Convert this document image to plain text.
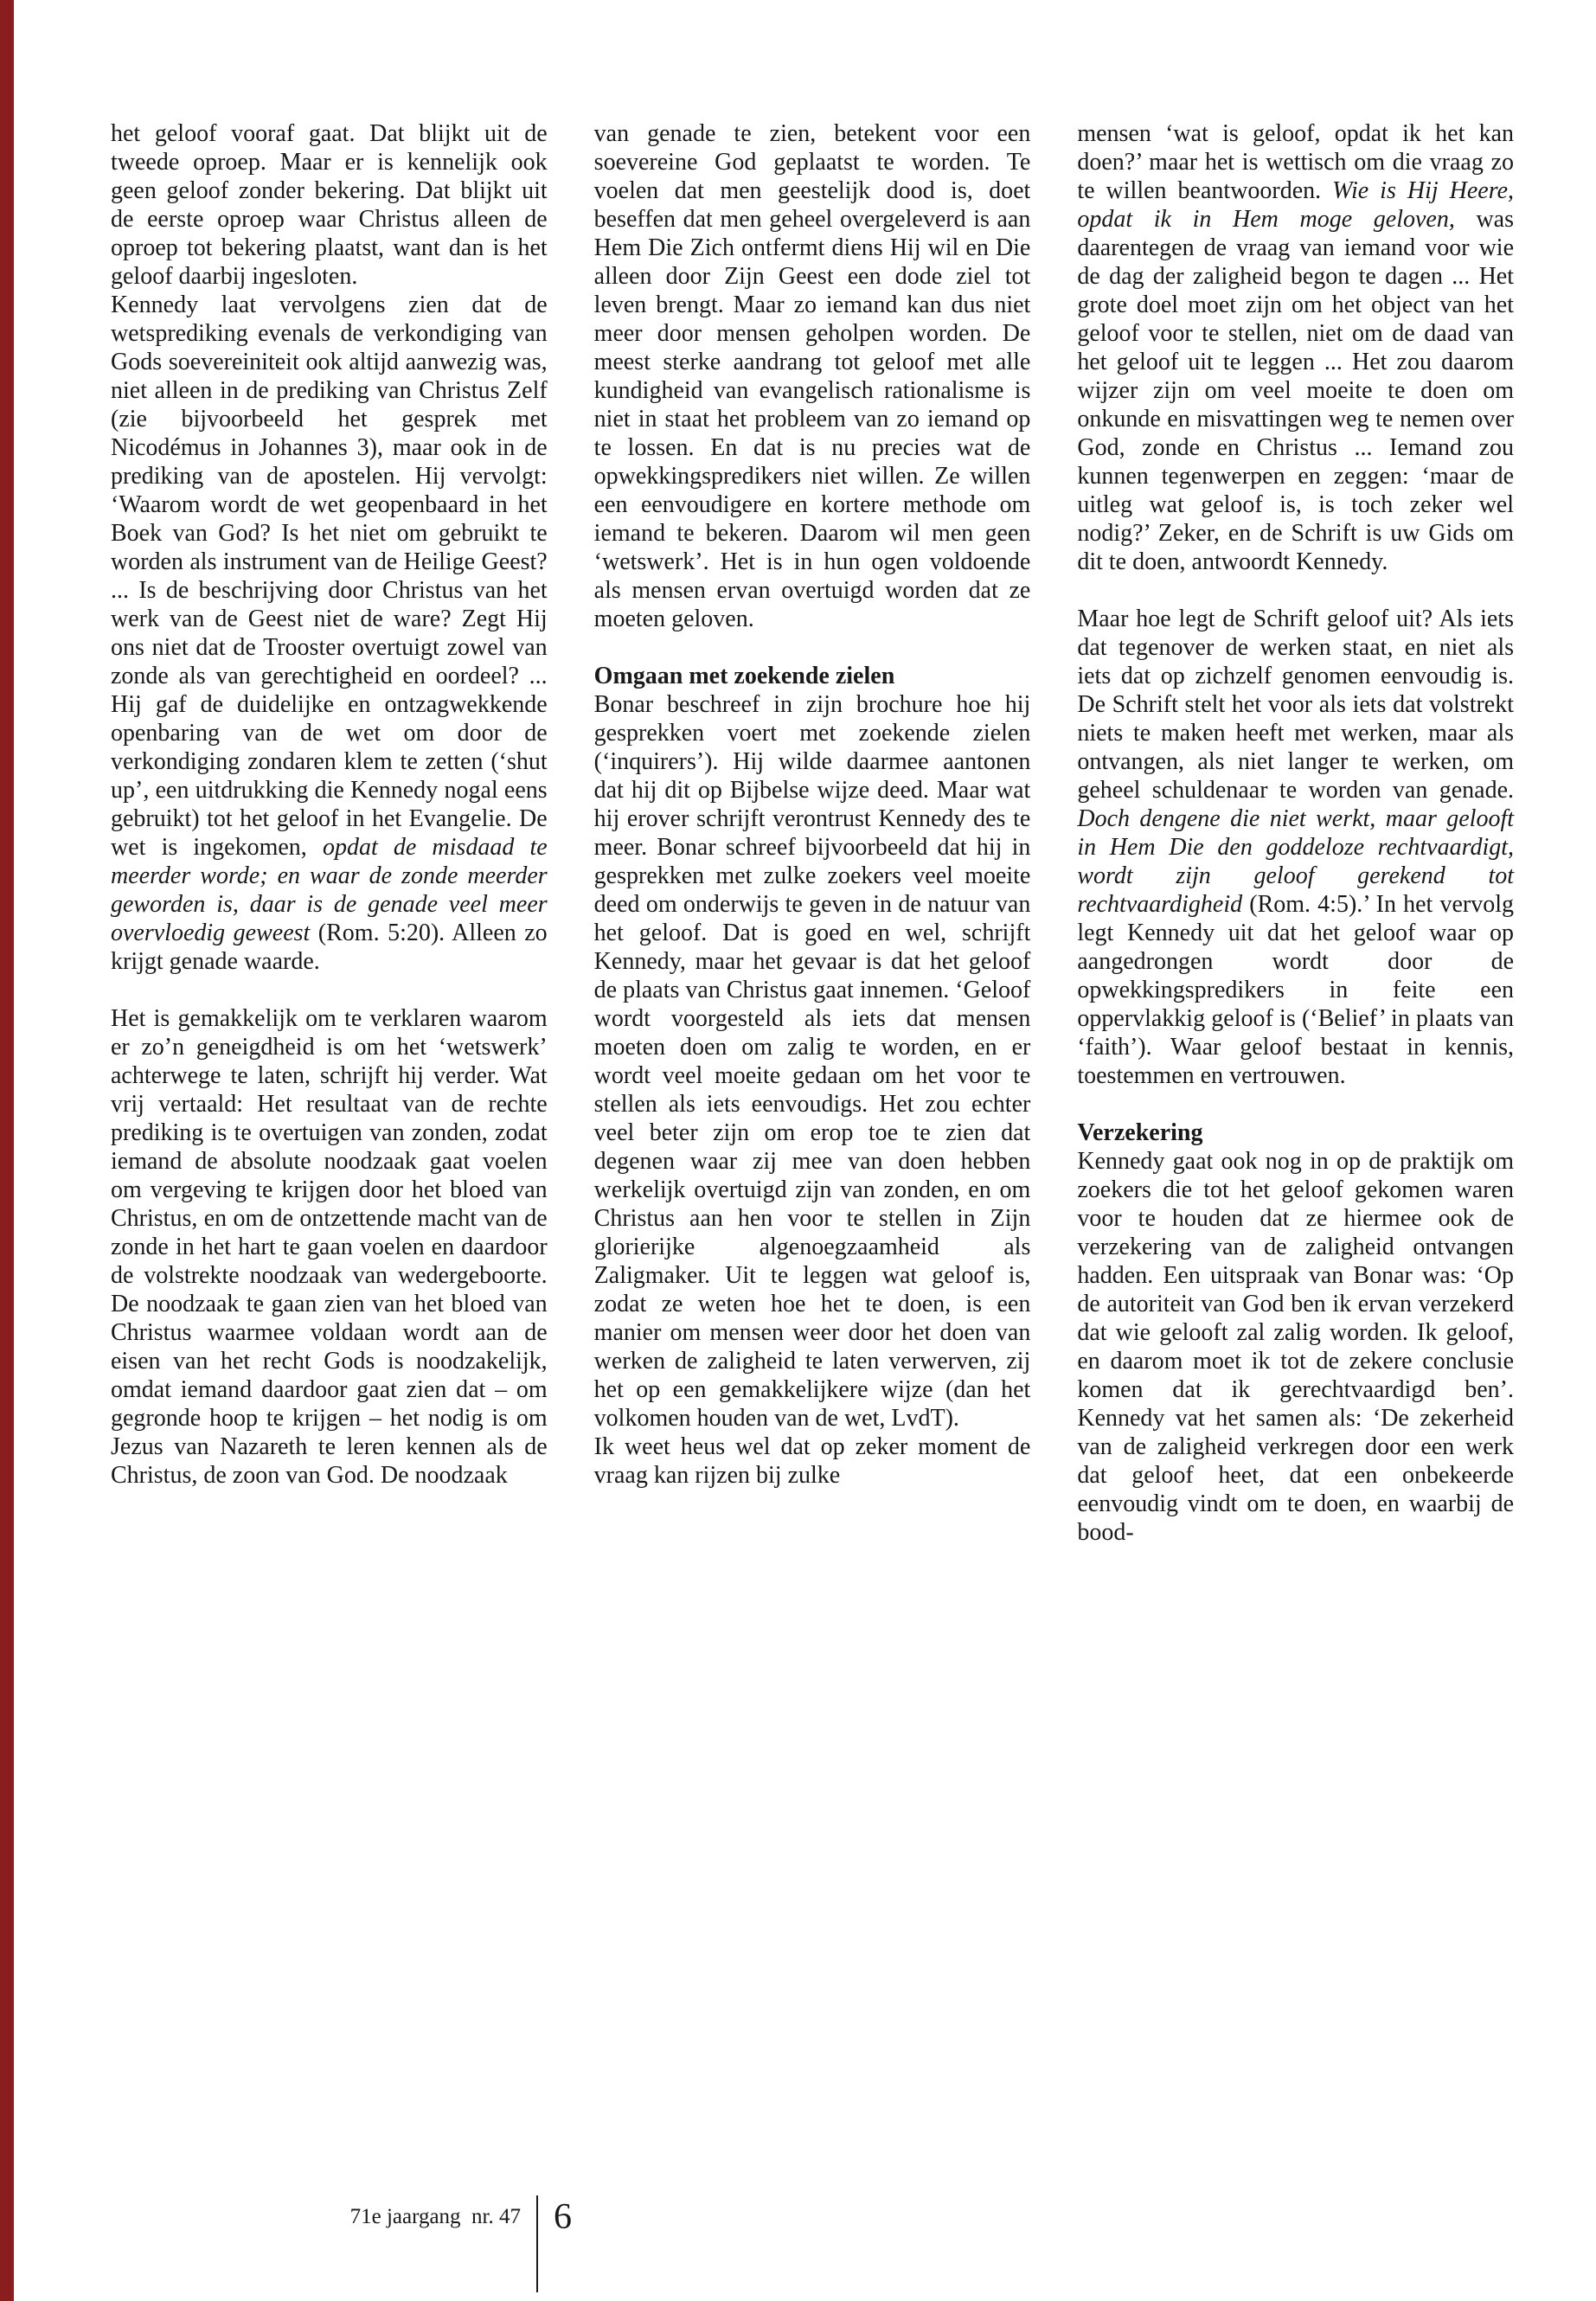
het geloof vooraf gaat. Dat blijkt uit de tweede oproep. Maar er is kennelijk ook geen geloof zonder bekering. Dat blijkt uit de eerste oproep waar Christus alleen de oproep tot bekering plaatst, want dan is het geloof daarbij ingesloten.

Kennedy laat vervolgens zien dat de wetsprediking evenals de verkondiging van Gods soevereiniteit ook altijd aanwezig was, niet alleen in de prediking van Christus Zelf (zie bijvoorbeeld het gesprek met Nicodémus in Johannes 3), maar ook in de prediking van de apostelen. Hij vervolgt: ‘Waarom wordt de wet geopenbaard in het Boek van God? Is het niet om gebruikt te worden als instrument van de Heilige Geest? ... Is de beschrijving door Christus van het werk van de Geest niet de ware? Zegt Hij ons niet dat de Trooster overtuigt zowel van zonde als van gerechtigheid en oordeel? ... Hij gaf de duidelijke en ontzagwekkende openbaring van de wet om door de verkondiging zondaren klem te zetten (‘shut up’, een uitdrukking die Kennedy nogal eens gebruikt) tot het geloof in het Evangelie. De wet is ingekomen, opdat de misdaad te meerder worde; en waar de zonde meerder geworden is, daar is de genade veel meer overvloedig geweest (Rom. 5:20). Alleen zo krijgt genade waarde.

Het is gemakkelijk om te verklaren waarom er zo’n geneigdheid is om het ‘wetswerk’ achterwege te laten, schrijft hij verder. Wat vrij vertaald: Het resultaat van de rechte prediking is te overtuigen van zonden, zodat iemand de absolute noodzaak gaat voelen om vergeving te krijgen door het bloed van Christus, en om de ontzettende macht van de zonde in het hart te gaan voelen en daardoor de volstrekte noodzaak van wedergeboorte. De noodzaak te gaan zien van het bloed van Christus waarmee voldaan wordt aan de eisen van het recht Gods is noodzakelijk, omdat iemand daardoor gaat zien dat – om gegronde hoop te krijgen – het nodig is om Jezus van Nazareth te leren kennen als de Christus, de zoon van God. De noodzaak

van genade te zien, betekent voor een soevereine God geplaatst te worden. Te voelen dat men geestelijk dood is, doet beseffen dat men geheel overgeleverd is aan Hem Die Zich ontfermt diens Hij wil en Die alleen door Zijn Geest een dode ziel tot leven brengt. Maar zo iemand kan dus niet meer door mensen geholpen worden. De meest sterke aandrang tot geloof met alle kundigheid van evangelisch rationalisme is niet in staat het probleem van zo iemand op te lossen. En dat is nu precies wat de opwekkingspredikers niet willen. Ze willen een eenvoudigere en kortere methode om iemand te bekeren. Daarom wil men geen ‘wetswerk’. Het is in hun ogen voldoende als mensen ervan overtuigd worden dat ze moeten geloven.

Omgaan met zoekende zielen

Bonar beschreef in zijn brochure hoe hij gesprekken voert met zoekende zielen (‘inquirers’). Hij wilde daarmee aantonen dat hij dit op Bijbelse wijze deed. Maar wat hij erover schrijft verontrust Kennedy des te meer. Bonar schreef bijvoorbeeld dat hij in gesprekken met zulke zoekers veel moeite deed om onderwijs te geven in de natuur van het geloof. Dat is goed en wel, schrijft Kennedy, maar het gevaar is dat het geloof de plaats van Christus gaat innemen. ‘Geloof wordt voorgesteld als iets dat mensen moeten doen om zalig te worden, en er wordt veel moeite gedaan om het voor te stellen als iets eenvoudigs. Het zou echter veel beter zijn om erop toe te zien dat degenen waar zij mee van doen hebben werkelijk overtuigd zijn van zonden, en om Christus aan hen voor te stellen in Zijn glorierijke algenoegzaamheid als Zaligmaker. Uit te leggen wat geloof is, zodat ze weten hoe het te doen, is een manier om mensen weer door het doen van werken de zaligheid te laten verwerven, zij het op een gemakkelijkere wijze (dan het volkomen houden van de wet, LvdT).

Ik weet heus wel dat op zeker moment de vraag kan rijzen bij zulke

mensen ‘wat is geloof, opdat ik het kan doen?’ maar het is wettisch om die vraag zo te willen beantwoorden. Wie is Hij Heere, opdat ik in Hem moge geloven, was daarentegen de vraag van iemand voor wie de dag der zaligheid begon te dagen ... Het grote doel moet zijn om het object van het geloof voor te stellen, niet om de daad van het geloof uit te leggen ... Het zou daarom wijzer zijn om veel moeite te doen om onkunde en misvattingen weg te nemen over God, zonde en Christus ... Iemand zou kunnen tegenwerpen en zeggen: ‘maar de uitleg wat geloof is, is toch zeker wel nodig?’ Zeker, en de Schrift is uw Gids om dit te doen, antwoordt Kennedy.

Maar hoe legt de Schrift geloof uit? Als iets dat tegenover de werken staat, en niet als iets dat op zichzelf genomen eenvoudig is. De Schrift stelt het voor als iets dat volstrekt niets te maken heeft met werken, maar als ontvangen, als niet langer te werken, om geheel schuldenaar te worden van genade. Doch dengene die niet werkt, maar gelooft in Hem Die den goddeloze rechtvaardigt, wordt zijn geloof gerekend tot rechtvaardigheid (Rom. 4:5).’ In het vervolg legt Kennedy uit dat het geloof waar op aangedrongen wordt door de opwekkingspredikers in feite een oppervlakkig geloof is (‘Belief’ in plaats van ‘faith’). Waar geloof bestaat in kennis, toestemmen en vertrouwen.

Verzekering

Kennedy gaat ook nog in op de praktijk om zoekers die tot het geloof gekomen waren voor te houden dat ze hiermee ook de verzekering van de zaligheid ontvangen hadden. Een uitspraak van Bonar was: ‘Op de autoriteit van God ben ik ervan verzekerd dat wie gelooft zal zalig worden. Ik geloof, en daarom moet ik tot de zekere conclusie komen dat ik gerechtvaardigd ben’. Kennedy vat het samen als: ‘De zekerheid van de zaligheid verkregen door een werk dat geloof heet, dat een onbekeerde eenvoudig vindt om te doen, en waarbij de bood-

71e jaargang nr. 47 6
